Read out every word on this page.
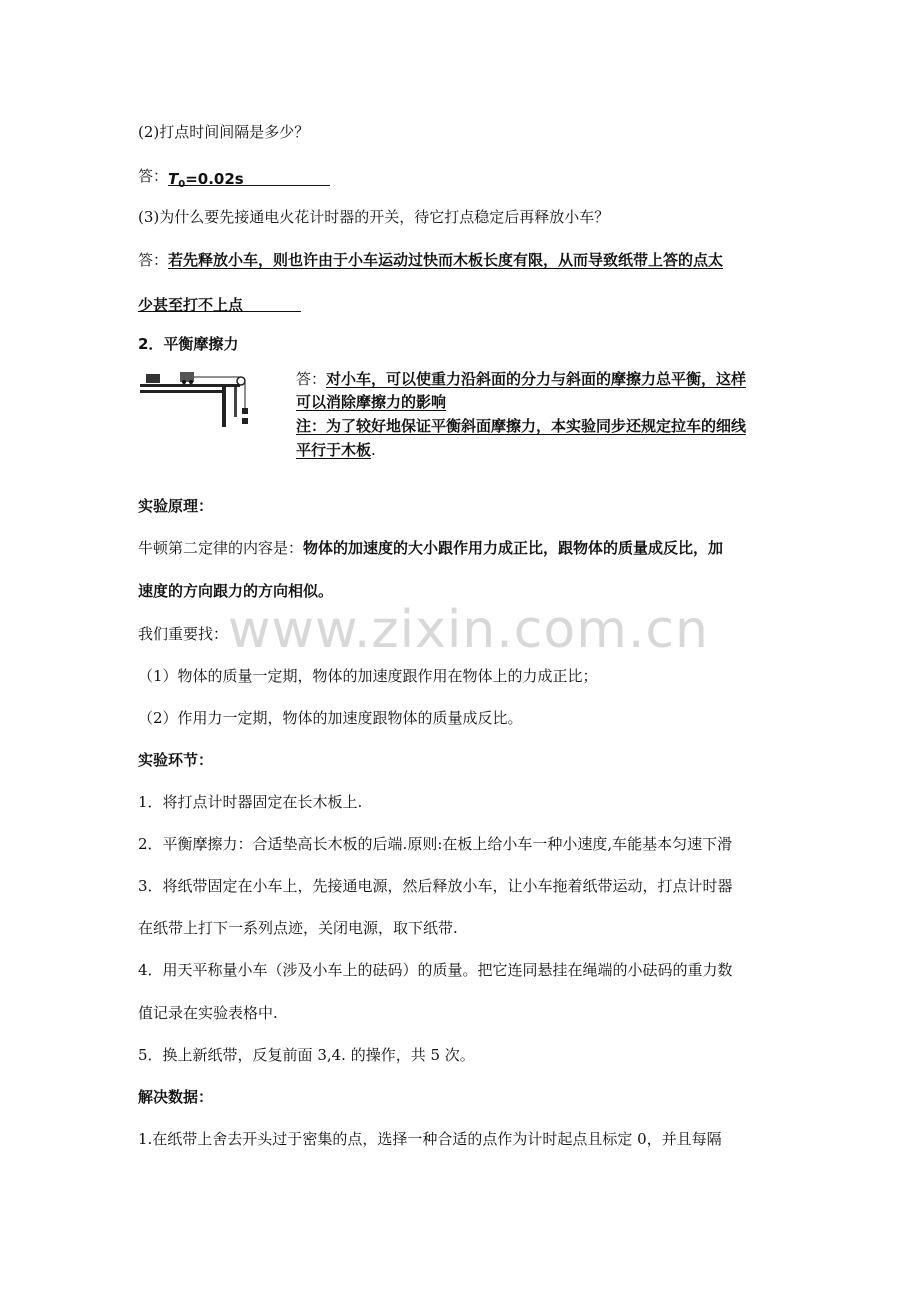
www.zixin.com.cn
(2)打点时间间隔是多少？
答：$T_0=0.02s$
(3)为什么要先接通电火花计时器的开关，待它打点稳定后再释放小车？
答：若先释放小车，则也许由于小车运动过快而木板长度有限，从而导致纸带上答的点太
少甚至打不上点
2．平衡摩擦力
答：对小车，可以使重力沿斜面的分力与斜面的摩擦力总平衡，这样
可以消除摩擦力的影响
注：为了较好地保证平衡斜面摩擦力，本实验同步还规定拉车的细线
平行于木板.
实验原理：
牛顿第二定律的内容是：物体的加速度的大小跟作用力成正比，跟物体的质量成反比，加
速度的方向跟力的方向相似。
我们重要找：
（1）物体的质量一定期，物体的加速度跟作用在物体上的力成正比；
（2）作用力一定期，物体的加速度跟物体的质量成反比。
实验环节：
1．将打点计时器固定在长木板上.
2．平衡摩擦力：合适垫高长木板的后端.原则:在板上给小车一种小速度,车能基本匀速下滑
3．将纸带固定在小车上，先接通电源，然后释放小车，让小车拖着纸带运动，打点计时器
在纸带上打下一系列点迹，关闭电源，取下纸带.
4．用天平称量小车（涉及小车上的砝码）的质量。把它连同悬挂在绳端的小砝码的重力数
值记录在实验表格中.
5．换上新纸带，反复前面 3,4. 的操作，共 5 次。
解决数据：
1.在纸带上舍去开头过于密集的点，选择一种合适的点作为计时起点且标定 0，并且每隔
